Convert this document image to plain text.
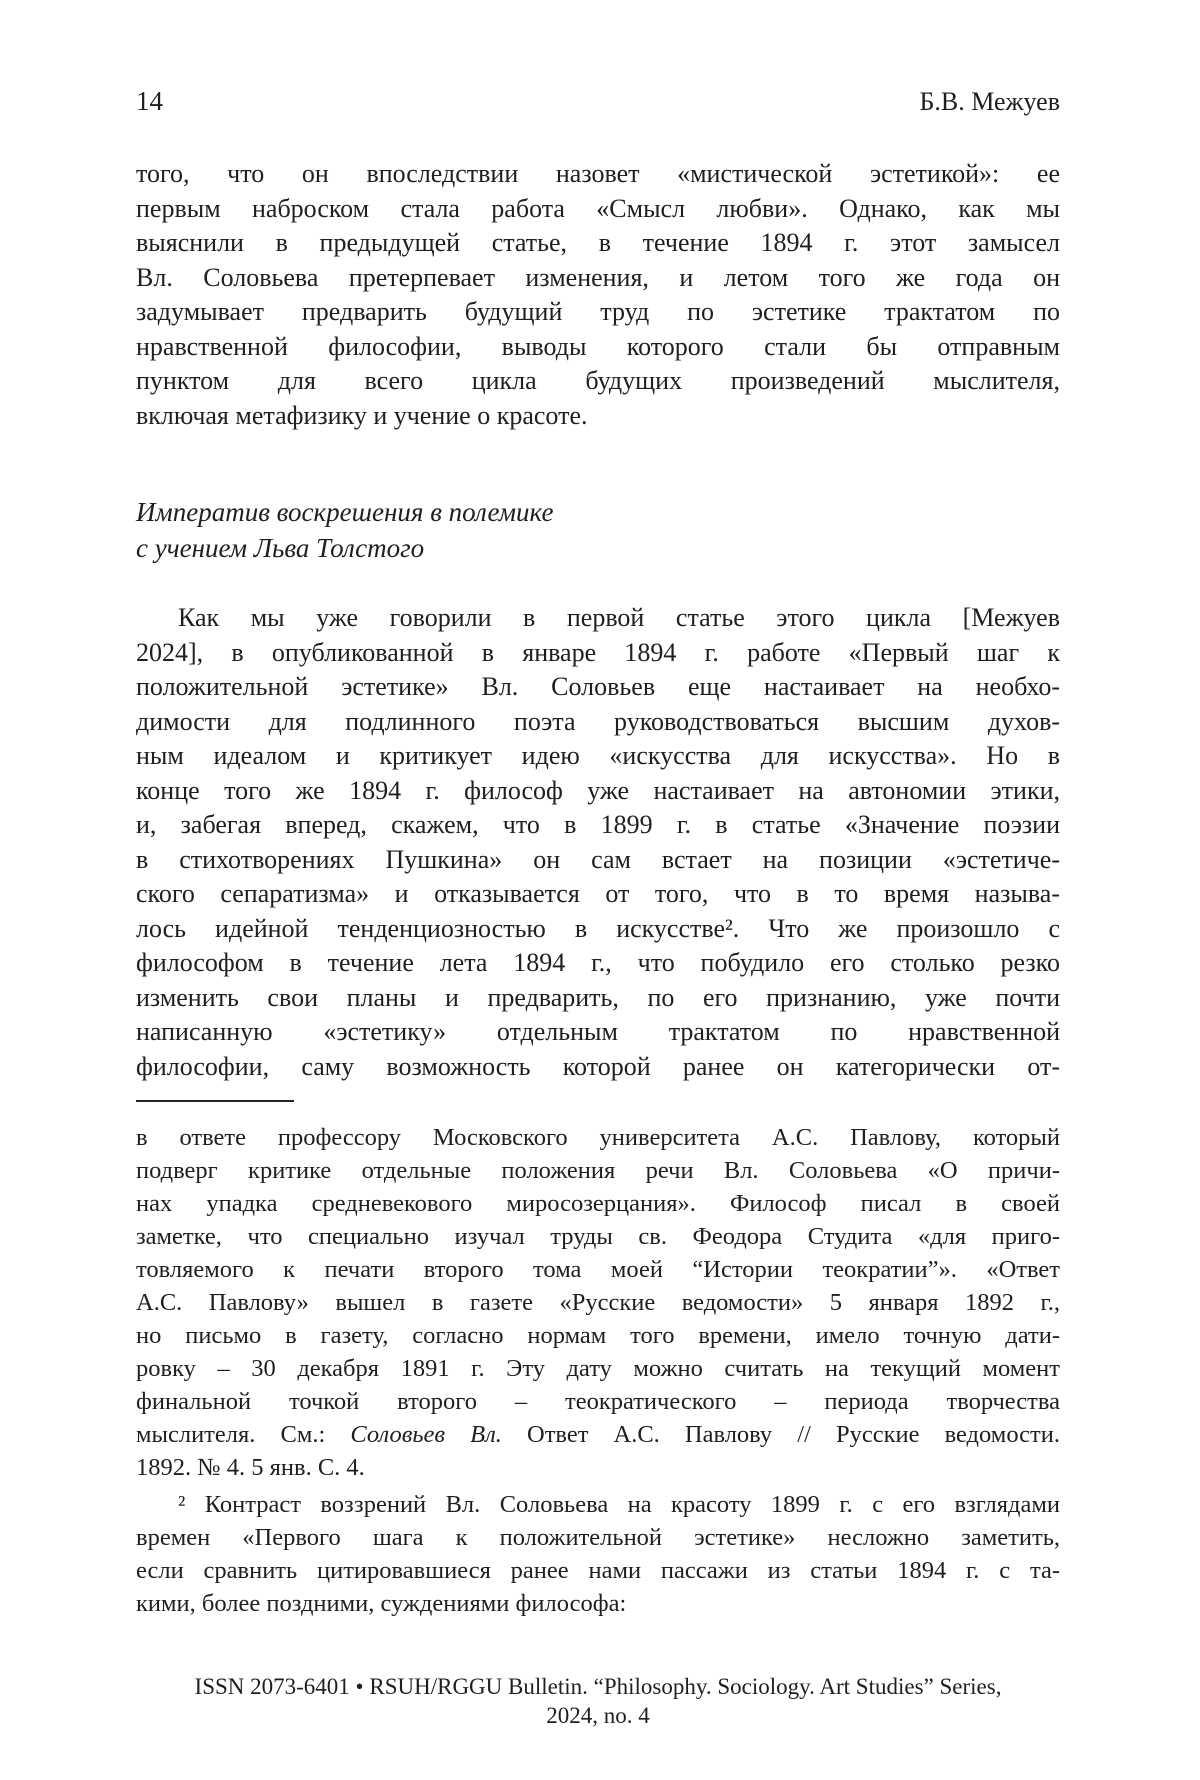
14	Б.В. Межуев
того, что он впоследствии назовет «мистической эстетикой»: ее
первым наброском стала работа «Смысл любви». Однако, как мы
выяснили в предыдущей статье, в течение 1894 г. этот замысел
Вл. Соловьева претерпевает изменения, и летом того же года он
задумывает предварить будущий труд по эстетике трактатом по
нравственной философии, выводы которого стали бы отправным
пунктом для всего цикла будущих произведений мыслителя,
включая метафизику и учение о красоте.
Императив воскрешения в полемике
с учением Льва Толстого
Как мы уже говорили в первой статье этого цикла [Межуев
2024], в опубликованной в январе 1894 г. работе «Первый шаг к
положительной эстетике» Вл. Соловьев еще настаивает на необхо-
димости для подлинного поэта руководствоваться высшим духов-
ным идеалом и критикует идею «искусства для искусства». Но в
конце того же 1894 г. философ уже настаивает на автономии этики,
и, забегая вперед, скажем, что в 1899 г. в статье «Значение поэзии
в стихотворениях Пушкина» он сам встает на позиции «эстетиче-
ского сепаратизма» и отказывается от того, что в то время называ-
лось идейной тенденциозностью в искусстве². Что же произошло с
философом в течение лета 1894 г., что побудило его столько резко
изменить свои планы и предварить, по его признанию, уже почти
написанную «эстетику» отдельным трактатом по нравственной
философии, саму возможность которой ранее он категорически от-
в ответе профессору Московского университета А.С. Павлову, который
подверг критике отдельные положения речи Вл. Соловьева «О причи-
нах упадка средневекового миросозерцания». Философ писал в своей
заметке, что специально изучал труды св. Феодора Студита «для приго-
товляемого к печати второго тома моей “Истории теократии”». «Ответ
А.С. Павлову» вышел в газете «Русские ведомости» 5 января 1892 г.,
но письмо в газету, согласно нормам того времени, имело точную дати-
ровку – 30 декабря 1891 г. Эту дату можно считать на текущий момент
финальной точкой второго – теократического – периода творчества
мыслителя. См.: Соловьев Вл. Ответ А.С. Павлову // Русские ведомости.
1892. № 4. 5 янв. С. 4.
² Контраст воззрений Вл. Соловьева на красоту 1899 г. с его взглядами
времен «Первого шага к положительной эстетике» несложно заметить,
если сравнить цитировавшиеся ранее нами пассажи из статьи 1894 г. с та-
кими, более поздними, суждениями философа:
ISSN 2073-6401 • RSUH/RGGU Bulletin. “Philosophy. Sociology. Art Studies” Series,
2024, no. 4
